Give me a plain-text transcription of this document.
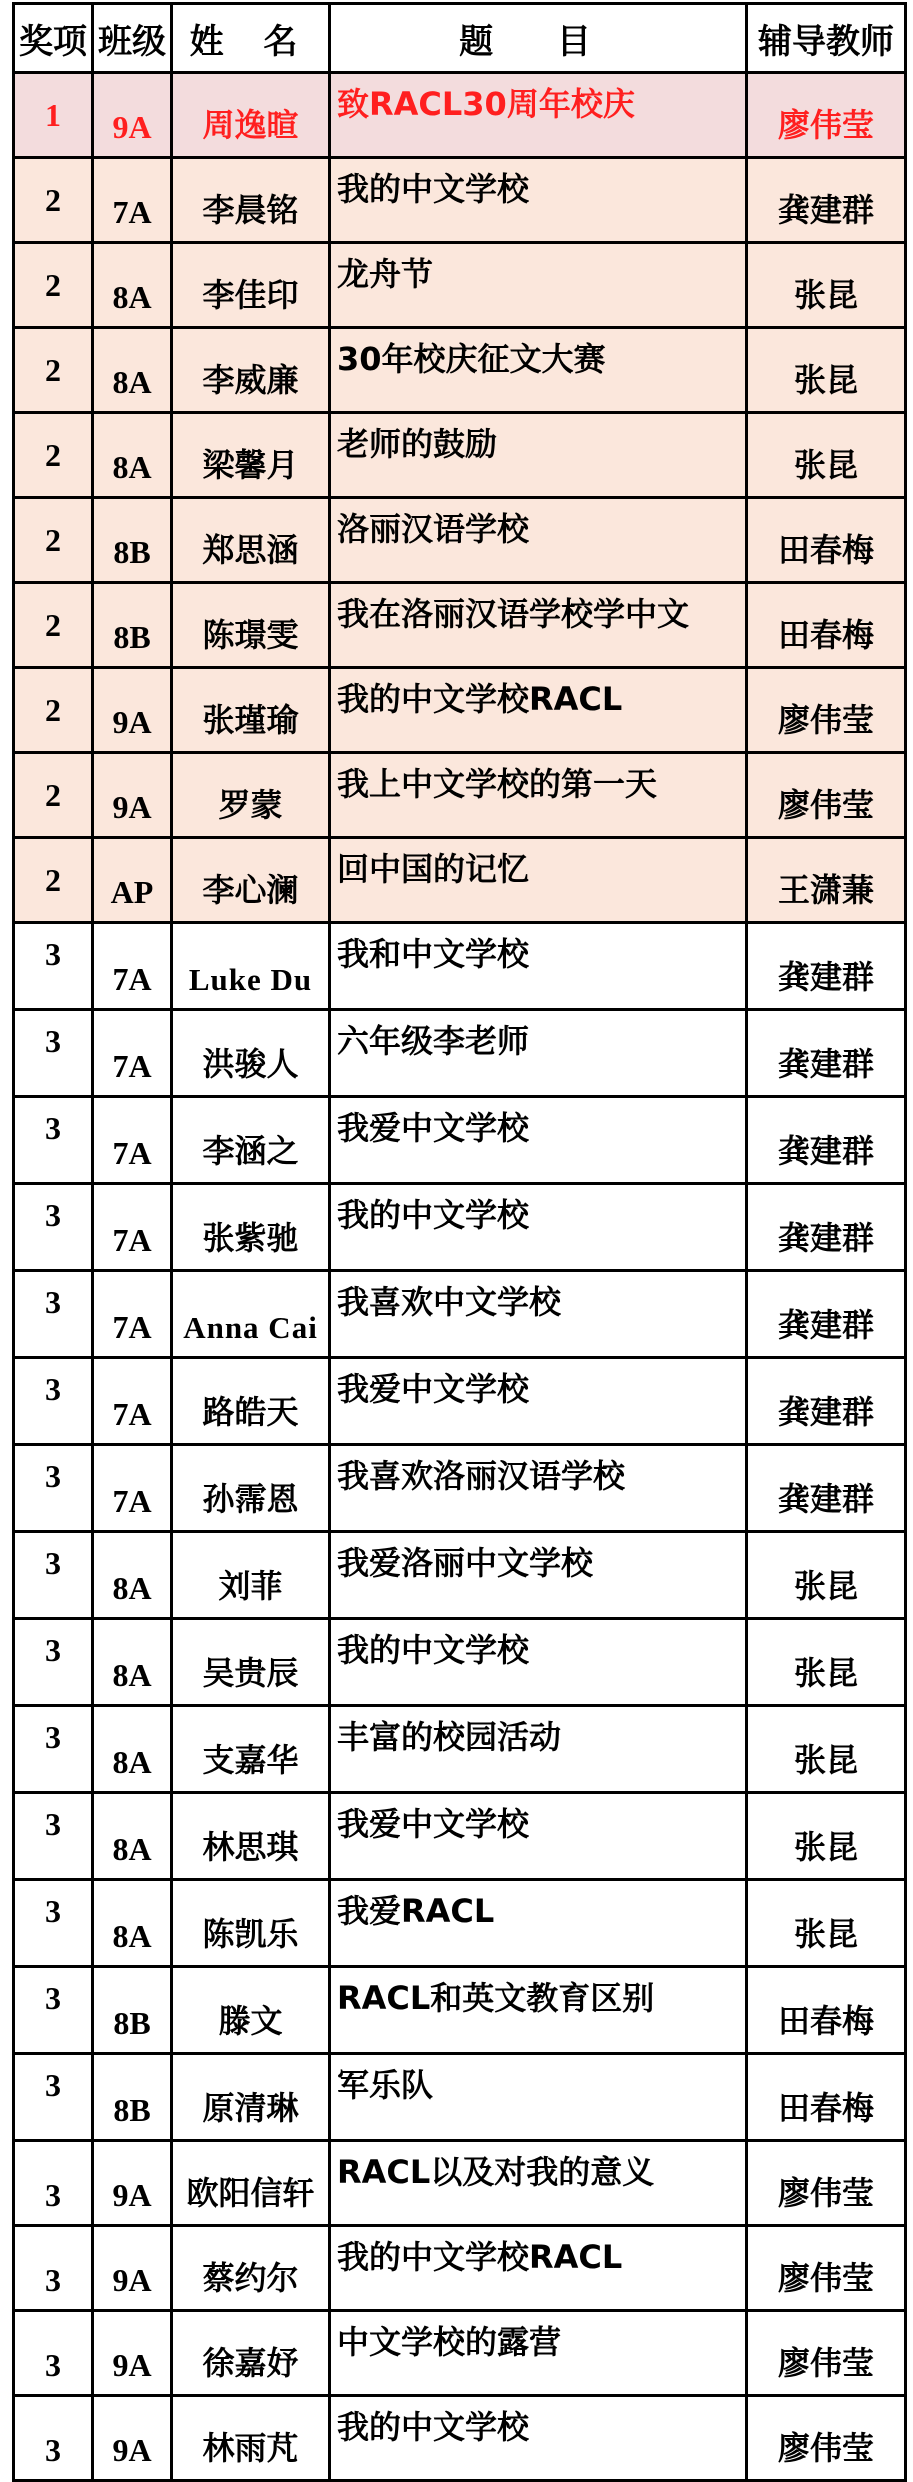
奖项	班级	姓 名	题 目	辅导教师
1	9A	周逸暄	致RACL30周年校庆	廖伟莹
2	7A	李晨铭	我的中文学校	龚建群
2	8A	李佳印	龙舟节	张昆
2	8A	李威廉	30年校庆征文大赛	张昆
2	8A	梁馨月	老师的鼓励	张昆
2	8B	郑思涵	洛丽汉语学校	田春梅
2	8B	陈璟雯	我在洛丽汉语学校学中文	田春梅
2	9A	张瑾瑜	我的中文学校RACL	廖伟莹
2	9A	罗蒙	我上中文学校的第一天	廖伟莹
2	AP	李心澜	回中国的记忆	王潇蒹
3	7A	Luke Du	我和中文学校	龚建群
3	7A	洪骏人	六年级李老师	龚建群
3	7A	李涵之	我爱中文学校	龚建群
3	7A	张紫驰	我的中文学校	龚建群
3	7A	Anna Cai	我喜欢中文学校	龚建群
3	7A	路皓天	我爱中文学校	龚建群
3	7A	孙霈恩	我喜欢洛丽汉语学校	龚建群
3	8A	刘菲	我爱洛丽中文学校	张昆
3	8A	吴贵辰	我的中文学校	张昆
3	8A	支嘉华	丰富的校园活动	张昆
3	8A	林思琪	我爱中文学校	张昆
3	8A	陈凯乐	我爱RACL	张昆
3	8B	滕文	RACL和英文教育区别	田春梅
3	8B	原清琳	军乐队	田春梅
3	9A	欧阳信轩	RACL以及对我的意义	廖伟莹
3	9A	蔡约尔	我的中文学校RACL	廖伟莹
3	9A	徐嘉妤	中文学校的露营	廖伟莹
3	9A	林雨芃	我的中文学校	廖伟莹
